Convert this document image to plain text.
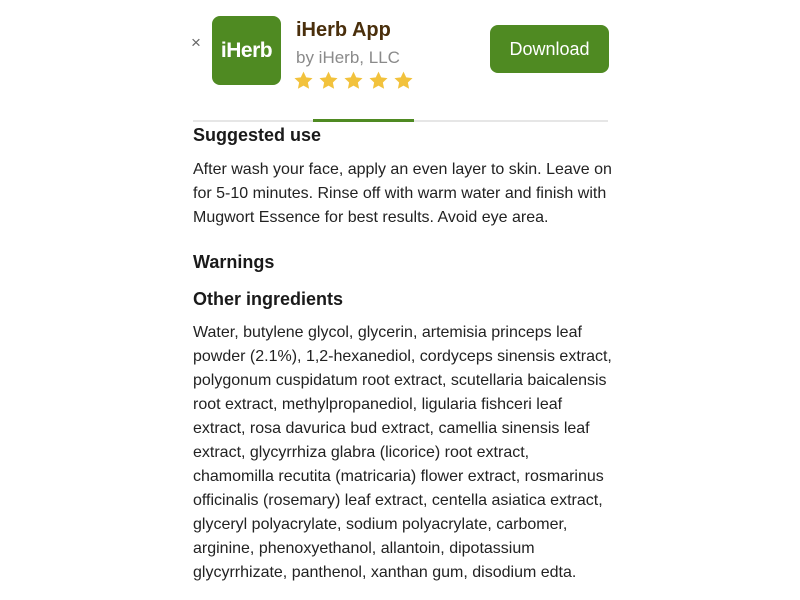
× iHerb
iHerb App
by iHerb, LLC	Download
Suggested use

After wash your face, apply an even layer to skin. Leave on for 5-10 minutes. Rinse off with warm water and finish with Mugwort Essence for best results. Avoid eye area.

Warnings
Other ingredients

Water, butylene glycol, glycerin, artemisia princeps leaf powder (2.1%), 1,2-hexanediol, cordyceps sinensis extract, polygonum cuspidatum root extract, scutellaria baicalensis root extract, methylpropanediol, ligularia fishceri leaf extract, rosa davurica bud extract, camellia sinensis leaf extract, glycyrrhiza glabra (licorice) root extract, chamomilla recutita (matricaria) flower extract, rosmarinus officinalis (rosemary) leaf extract, centella asiatica extract, glyceryl polyacrylate, sodium polyacrylate, carbomer, arginine, phenoxyethanol, allantoin, dipotassium glycyrrhizate, panthenol, xanthan gum, disodium edta.
